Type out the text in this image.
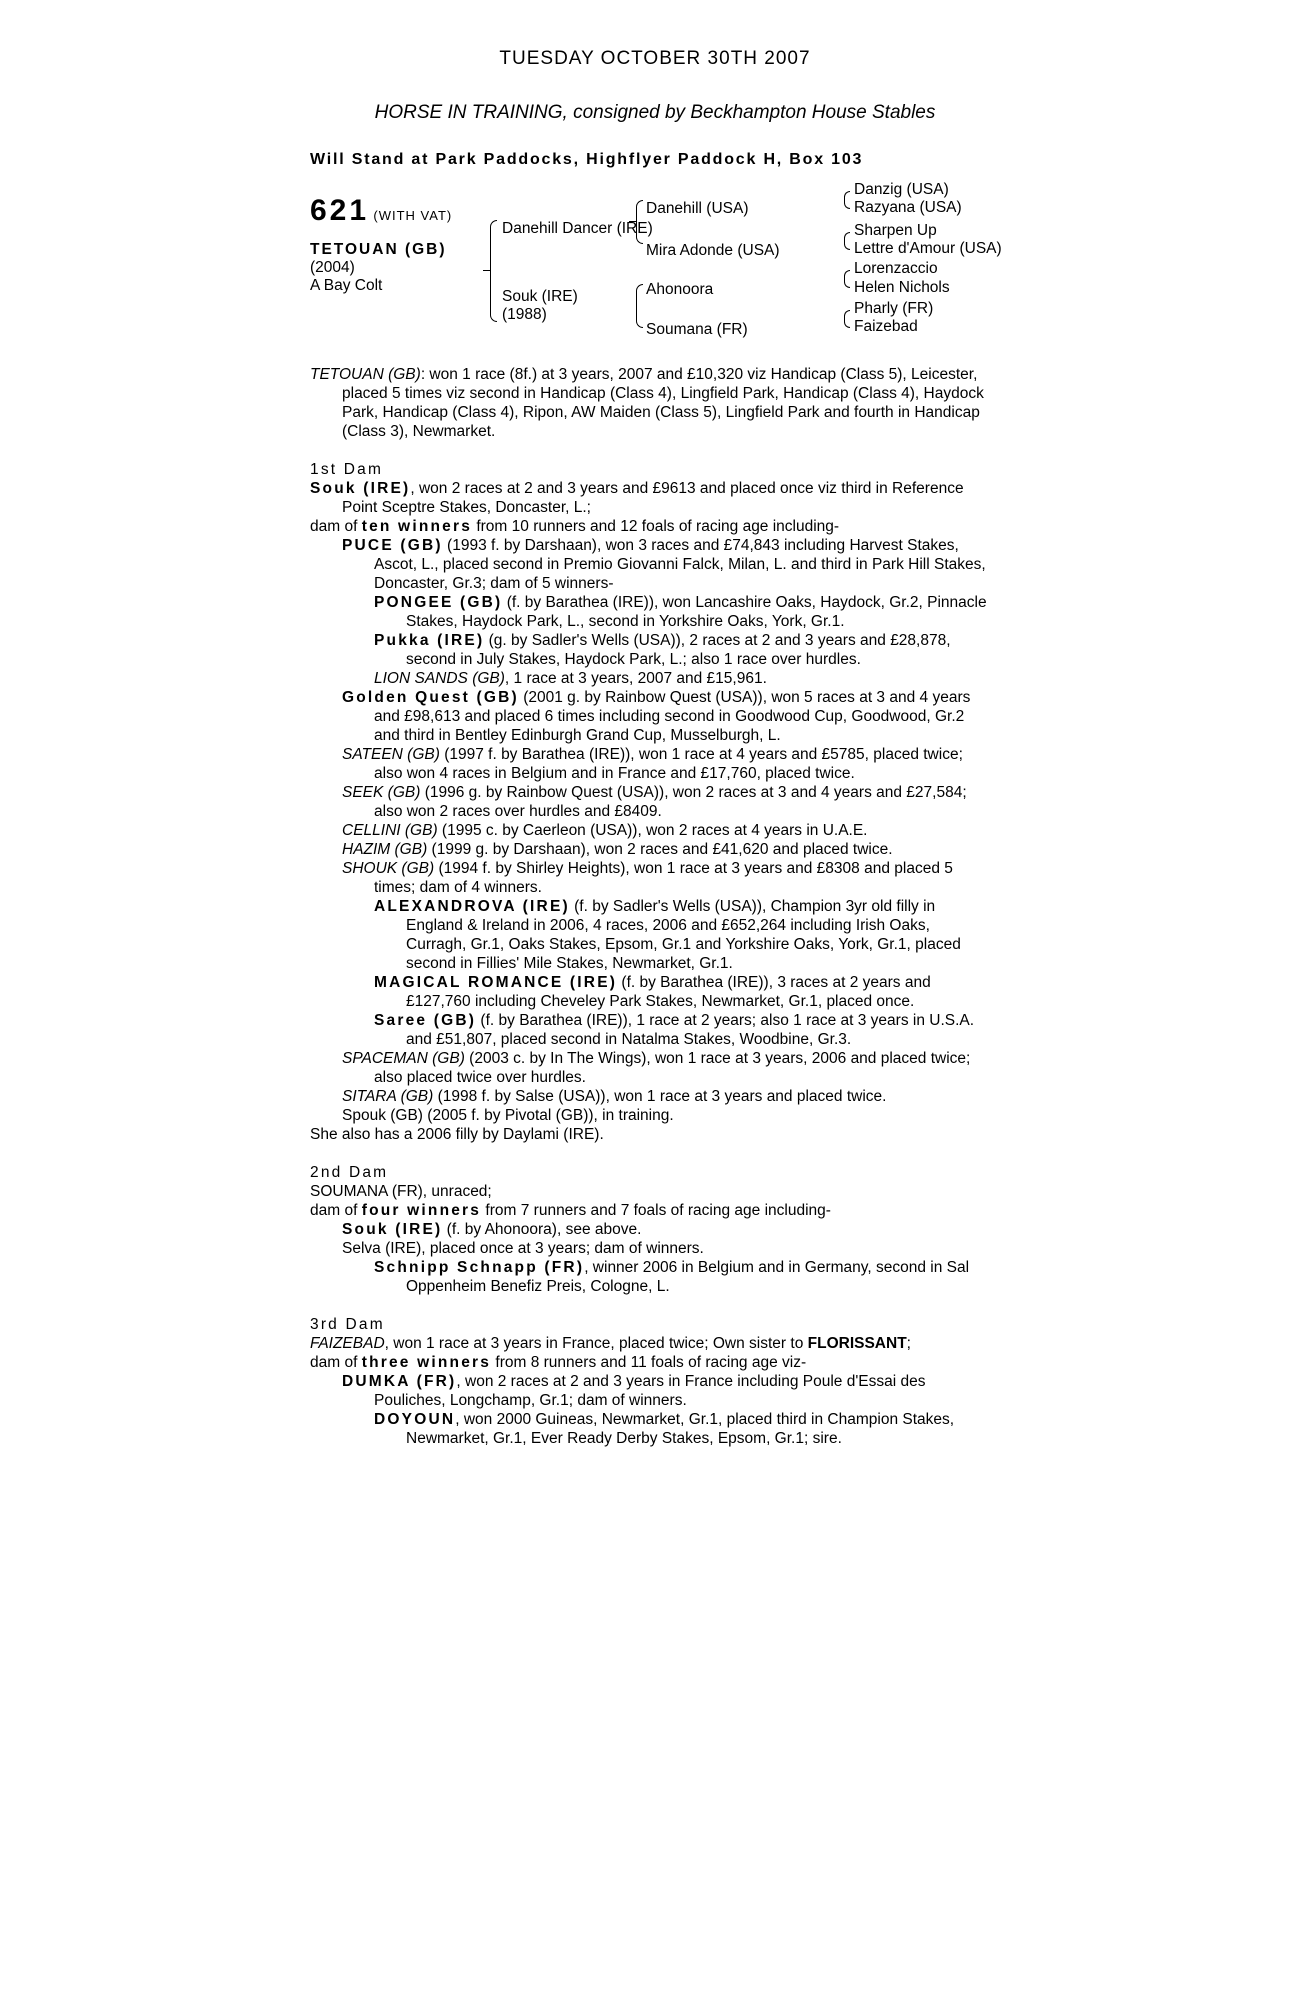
TUESDAY OCTOBER 30TH 2007
HORSE IN TRAINING, consigned by Beckhampton House Stables
Will Stand at Park Paddocks, Highflyer Paddock H, Box 103
621 (WITH VAT)
TETOUAN (GB)
(2004)
A Bay Colt
Danehill Dancer (IRE)
Souk (IRE)
(1988)
Danehill (USA)
Mira Adonde (USA)
Ahonoora
Soumana (FR)
Danzig (USA)
Razyana (USA)
Sharpen Up
Lettre d'Amour (USA)
Lorenzaccio
Helen Nichols
Pharly (FR)
Faizebad
TETOUAN (GB): won 1 race (8f.) at 3 years, 2007 and £10,320 viz Handicap (Class 5), Leicester, placed 5 times viz second in Handicap (Class 4), Lingfield Park, Handicap (Class 4), Haydock Park, Handicap (Class 4), Ripon, AW Maiden (Class 5), Lingfield Park and fourth in Handicap (Class 3), Newmarket.
1st Dam
Souk (IRE), won 2 races at 2 and 3 years and £9613 and placed once viz third in Reference Point Sceptre Stakes, Doncaster, L.;
dam of ten winners from 10 runners and 12 foals of racing age including-
PUCE (GB) (1993 f. by Darshaan), won 3 races and £74,843 including Harvest Stakes, Ascot, L., placed second in Premio Giovanni Falck, Milan, L. and third in Park Hill Stakes, Doncaster, Gr.3; dam of 5 winners-
PONGEE (GB) (f. by Barathea (IRE)), won Lancashire Oaks, Haydock, Gr.2, Pinnacle Stakes, Haydock Park, L., second in Yorkshire Oaks, York, Gr.1.
Pukka (IRE) (g. by Sadler's Wells (USA)), 2 races at 2 and 3 years and £28,878, second in July Stakes, Haydock Park, L.; also 1 race over hurdles.
LION SANDS (GB), 1 race at 3 years, 2007 and £15,961.
Golden Quest (GB) (2001 g. by Rainbow Quest (USA)), won 5 races at 3 and 4 years and £98,613 and placed 6 times including second in Goodwood Cup, Goodwood, Gr.2 and third in Bentley Edinburgh Grand Cup, Musselburgh, L.
SATEEN (GB) (1997 f. by Barathea (IRE)), won 1 race at 4 years and £5785, placed twice; also won 4 races in Belgium and in France and £17,760, placed twice.
SEEK (GB) (1996 g. by Rainbow Quest (USA)), won 2 races at 3 and 4 years and £27,584; also won 2 races over hurdles and £8409.
CELLINI (GB) (1995 c. by Caerleon (USA)), won 2 races at 4 years in U.A.E.
HAZIM (GB) (1999 g. by Darshaan), won 2 races and £41,620 and placed twice.
SHOUK (GB) (1994 f. by Shirley Heights), won 1 race at 3 years and £8308 and placed 5 times; dam of 4 winners.
ALEXANDROVA (IRE) (f. by Sadler's Wells (USA)), Champion 3yr old filly in England & Ireland in 2006, 4 races, 2006 and £652,264 including Irish Oaks, Curragh, Gr.1, Oaks Stakes, Epsom, Gr.1 and Yorkshire Oaks, York, Gr.1, placed second in Fillies' Mile Stakes, Newmarket, Gr.1.
MAGICAL ROMANCE (IRE) (f. by Barathea (IRE)), 3 races at 2 years and £127,760 including Cheveley Park Stakes, Newmarket, Gr.1, placed once.
Saree (GB) (f. by Barathea (IRE)), 1 race at 2 years; also 1 race at 3 years in U.S.A. and £51,807, placed second in Natalma Stakes, Woodbine, Gr.3.
SPACEMAN (GB) (2003 c. by In The Wings), won 1 race at 3 years, 2006 and placed twice; also placed twice over hurdles.
SITARA (GB) (1998 f. by Salse (USA)), won 1 race at 3 years and placed twice.
Spouk (GB) (2005 f. by Pivotal (GB)), in training.
She also has a 2006 filly by Daylami (IRE).
2nd Dam
SOUMANA (FR), unraced;
dam of four winners from 7 runners and 7 foals of racing age including-
Souk (IRE) (f. by Ahonoora), see above.
Selva (IRE), placed once at 3 years; dam of winners.
Schnipp Schnapp (FR), winner 2006 in Belgium and in Germany, second in Sal Oppenheim Benefiz Preis, Cologne, L.
3rd Dam
FAIZEBAD, won 1 race at 3 years in France, placed twice; Own sister to FLORISSANT;
dam of three winners from 8 runners and 11 foals of racing age viz-
DUMKA (FR), won 2 races at 2 and 3 years in France including Poule d'Essai des Pouliches, Longchamp, Gr.1; dam of winners.
DOYOUN, won 2000 Guineas, Newmarket, Gr.1, placed third in Champion Stakes, Newmarket, Gr.1, Ever Ready Derby Stakes, Epsom, Gr.1; sire.
